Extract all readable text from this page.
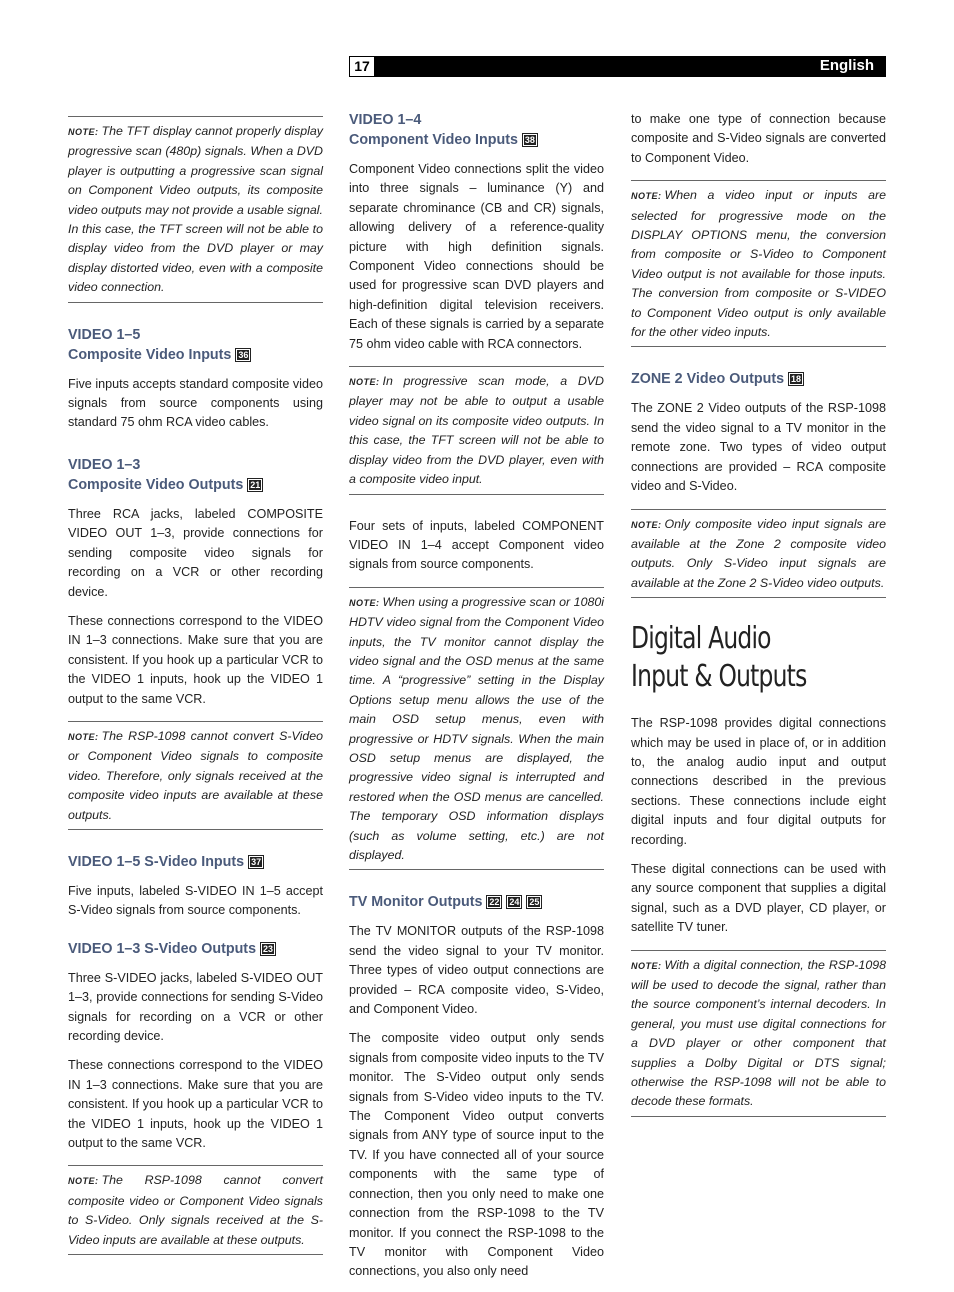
17	English
NOTE: The TFT display cannot properly display progressive scan (480p) signals. When a DVD player is outputting a progressive scan signal on Component Video outputs, its composite video outputs may not provide a usable signal. In this case, the TFT screen will not be able to display video from the DVD player or may display distorted video, even with a composite video connection.
VIDEO 1–5
Composite Video Inputs 36

Five inputs accepts standard composite video signals from source components using standard 75 ohm RCA video cables.

VIDEO 1–3
Composite Video Outputs 21

Three RCA jacks, labeled COMPOSITE VIDEO OUT 1–3, provide connections for sending composite video signals for recording on a VCR or other recording device.

These connections correspond to the VIDEO IN 1–3 connections. Make sure that you are consistent. If you hook up a particular VCR to the VIDEO 1 inputs, hook up the VIDEO 1 output to the same VCR.

NOTE: The RSP-1098 cannot convert S-Video or Component Video signals to composite video. Therefore, only signals received at the composite video inputs are available at these outputs.
VIDEO 1–5 S-Video Inputs 37

Five inputs, labeled S-VIDEO IN 1–5 accept S-Video signals from source components.

VIDEO 1–3 S-Video Outputs 23

Three S-VIDEO jacks, labeled S-VIDEO OUT 1–3, provide connections for sending S-Video signals for recording on a VCR or other recording device.

These connections correspond to the VIDEO IN 1–3 connections. Make sure that you are consistent. If you hook up a particular VCR to the VIDEO 1 inputs, hook up the VIDEO 1 output to the same VCR.

NOTE: The RSP-1098 cannot convert composite video or Component Video signals to S-Video. Only signals received at the S-Video inputs are available at these outputs.
VIDEO 1–4
Component Video Inputs 38

Component Video connections split the video into three signals – luminance (Y) and separate chrominance (CB and CR) signals, allowing delivery of a reference-quality picture with high definition signals. Component Video connections should be used for progressive scan DVD players and high-definition digital television receivers. Each of these signals is carried by a separate 75 ohm video cable with RCA connectors.

NOTE: In progressive scan mode, a DVD player may not be able to output a usable video signal on its composite video outputs. In this case, the TFT screen will not be able to display video from the DVD player, even with a composite video input.

Four sets of inputs, labeled COMPONENT VIDEO IN 1–4 accept Component video signals from source components.

NOTE: When using a progressive scan or 1080i HDTV video signal from the Component Video inputs, the TV monitor cannot display the video signal and the OSD menus at the same time. A “progressive” setting in the Display Options setup menu allows the use of the main OSD setup menus, even with progressive or HDTV signals. When the main OSD setup menus are displayed, the progressive video signal is interrupted and restored when the OSD menus are cancelled. The temporary OSD information displays (such as volume setting, etc.) are not displayed.
TV Monitor Outputs 22 24 25

The TV MONITOR outputs of the RSP-1098 send the video signal to your TV monitor. Three types of video output connections are provided – RCA composite video, S-Video, and Component Video.

The composite video output only sends signals from composite video inputs to the TV monitor. The S-Video output only sends signals from S-Video video inputs to the TV. The Component Video output converts signals from ANY type of source input to the TV. If you have connected all of your source components with the same type of connection, then you only need to make one connection from the RSP-1098 to the TV monitor. If you connect the RSP-1098 to the TV monitor with Component Video connections, you also only need

to make one type of connection because composite and S-Video signals are converted to Component Video.

NOTE: When a video input or inputs are selected for progressive mode on the DISPLAY OPTIONS menu, the conversion from composite or S-Video to Component Video output is not available for those inputs. The conversion from composite or S-VIDEO to Component Video output is only available for the other video inputs.
ZONE 2 Video Outputs 18

The ZONE 2 Video outputs of the RSP-1098 send the video signal to a TV monitor in the remote zone. Two types of video output connections are provided – RCA composite video and S-Video.

NOTE: Only composite video input signals are available at the Zone 2 composite video outputs. Only S-Video input signals are available at the Zone 2 S-Video video outputs.
Digital Audio
Input & Outputs

The RSP-1098 provides digital connections which may be used in place of, or in addition to, the analog audio input and output connections described in the previous sections. These connections include eight digital inputs and four digital outputs for recording.

These digital connections can be used with any source component that supplies a digital signal, such as a DVD player, CD player, or satellite TV tuner.

NOTE: With a digital connection, the RSP-1098 will be used to decode the signal, rather than the source component’s internal decoders. In general, you must use digital connections for a DVD player or other component that supplies a Dolby Digital or DTS signal; otherwise the RSP-1098 will not be able to decode these formats.
